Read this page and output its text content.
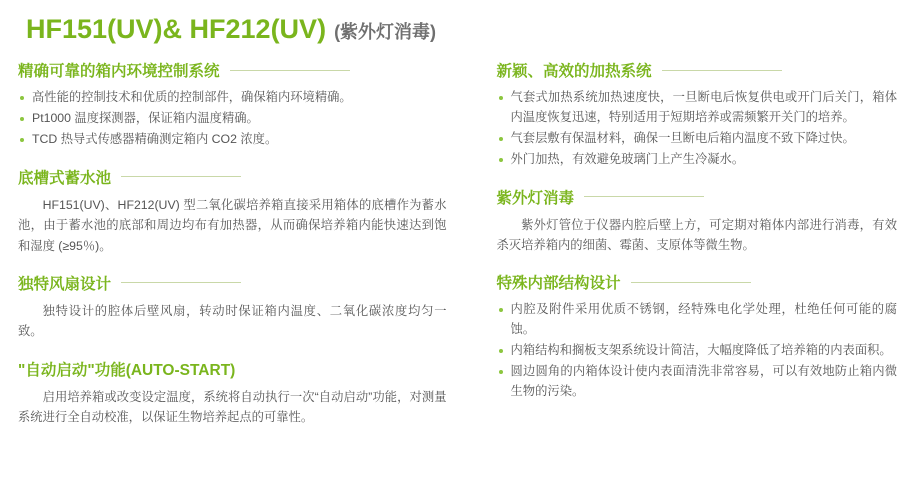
HF151(UV)& HF212(UV) (紫外灯消毒)
精确可靠的箱内环境控制系统
高性能的控制技术和优质的控制部件，确保箱内环境精确。
Pt1000 温度探测器，保证箱内温度精确。
TCD 热导式传感器精确测定箱内 CO2 浓度。
底槽式蓄水池

HF151(UV)、HF212(UV) 型二氧化碳培养箱直接采用箱体的底槽作为蓄水池，由于蓄水池的底部和周边均布有加热器，从而确保培养箱内能快速达到饱和湿度 (≥95％)。

独特风扇设计

独特设计的腔体后壁风扇，转动时保证箱内温度、二氧化碳浓度均匀一致。

"自动启动"功能(AUTO-START)

启用培养箱或改变设定温度，系统将自动执行一次“自动启动”功能，对测量系统进行全自动校准，以保证生物培养起点的可靠性。

新颖、高效的加热系统
气套式加热系统加热速度快，一旦断电后恢复供电或开门后关门，箱体内温度恢复迅速，特别适用于短期培养或需频繁开关门的培养。
气套层敷有保温材料，确保一旦断电后箱内温度不致下降过快。
外门加热，有效避免玻璃门上产生冷凝水。
紫外灯消毒

紫外灯管位于仪器内腔后壁上方，可定期对箱体内部进行消毒，有效杀灭培养箱内的细菌、霉菌、支原体等微生物。

特殊内部结构设计
内腔及附件采用优质不锈钢，经特殊电化学处理，杜绝任何可能的腐蚀。
内箱结构和搁板支架系统设计简洁，大幅度降低了培养箱的内表面积。
圆边圆角的内箱体设计使内表面清洗非常容易，可以有效地防止箱内微生物的污染。
